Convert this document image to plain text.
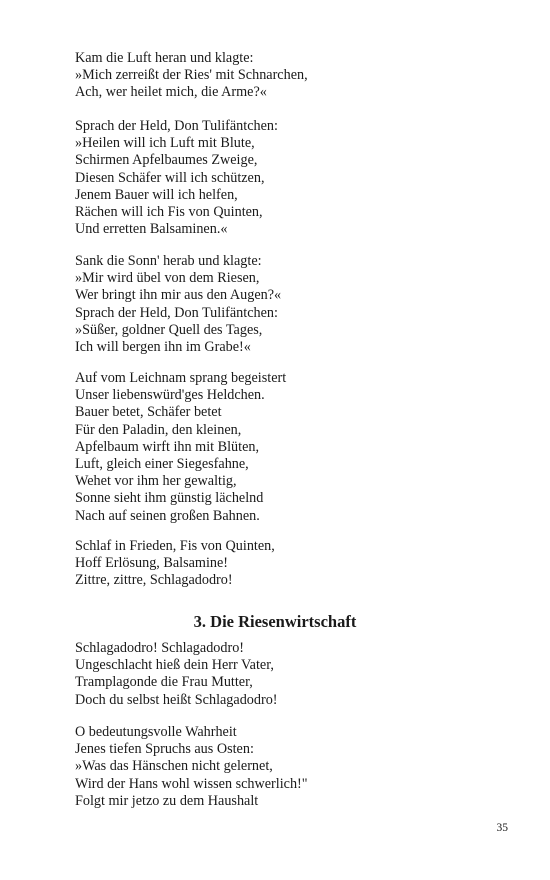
Kam die Luft heran und klagte:
»Mich zerreißt der Ries' mit Schnarchen,
Ach, wer heilet mich, die Arme?«
Sprach der Held, Don Tulifäntchen:
»Heilen will ich Luft mit Blute,
Schirmen Apfelbaumes Zweige,
Diesen Schäfer will ich schützen,
Jenem Bauer will ich helfen,
Rächen will ich Fis von Quinten,
Und erretten Balsaminen.«
Sank die Sonn' herab und klagte:
»Mir wird übel von dem Riesen,
Wer bringt ihn mir aus den Augen?«
Sprach der Held, Don Tulifäntchen:
»Süßer, goldner Quell des Tages,
Ich will bergen ihn im Grabe!«
Auf vom Leichnam sprang begeistert
Unser liebenswürd'ges Heldchen.
Bauer betet, Schäfer betet
Für den Paladin, den kleinen,
Apfelbaum wirft ihn mit Blüten,
Luft, gleich einer Siegesfahne,
Wehet vor ihm her gewaltig,
Sonne sieht ihm günstig lächelnd
Nach auf seinen großen Bahnen.
Schlaf in Frieden, Fis von Quinten,
Hoff Erlösung, Balsamine!
Zittre, zittre, Schlagadodro!
3. Die Riesenwirtschaft
Schlagadodro! Schlagadodro!
Ungeschlacht hieß dein Herr Vater,
Tramplagonde die Frau Mutter,
Doch du selbst heißt Schlagadodro!
O bedeutungsvolle Wahrheit
Jenes tiefen Spruchs aus Osten:
»Was das Hänschen nicht gelernet,
Wird der Hans wohl wissen schwerlich!"
Folgt mir jetzo zu dem Haushalt
35
